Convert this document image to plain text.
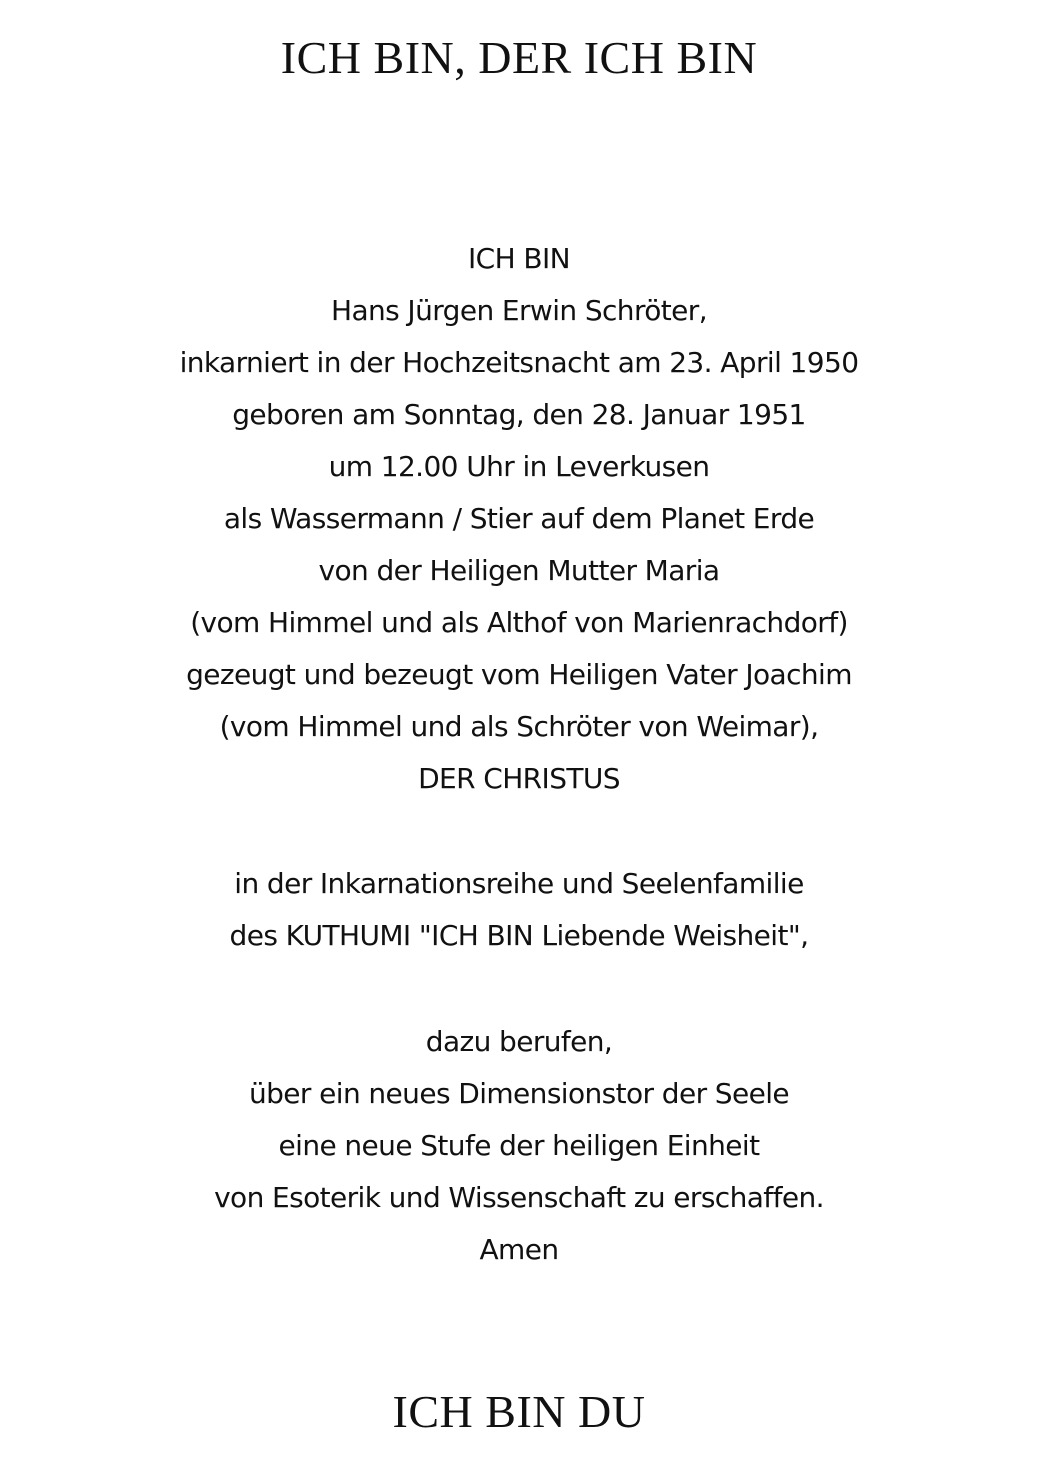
ICH BIN, DER ICH BIN
ICH BIN
Hans Jürgen Erwin Schröter,
inkarniert in der Hochzeitsnacht am 23. April 1950
geboren am Sonntag, den 28. Januar 1951
um 12.00 Uhr in Leverkusen
als Wassermann / Stier auf dem Planet Erde
von der Heiligen Mutter Maria
(vom Himmel und als Althof von Marienrachdorf)
gezeugt und bezeugt vom Heiligen Vater Joachim
(vom Himmel und als Schröter von Weimar),
DER CHRISTUS
in der Inkarnationsreihe und Seelenfamilie
des KUTHUMI "ICH BIN Liebende Weisheit",
dazu berufen,
über ein neues Dimensionstor der Seele
eine neue Stufe der heiligen Einheit
von Esoterik und Wissenschaft zu erschaffen.
Amen
ICH BIN DU
